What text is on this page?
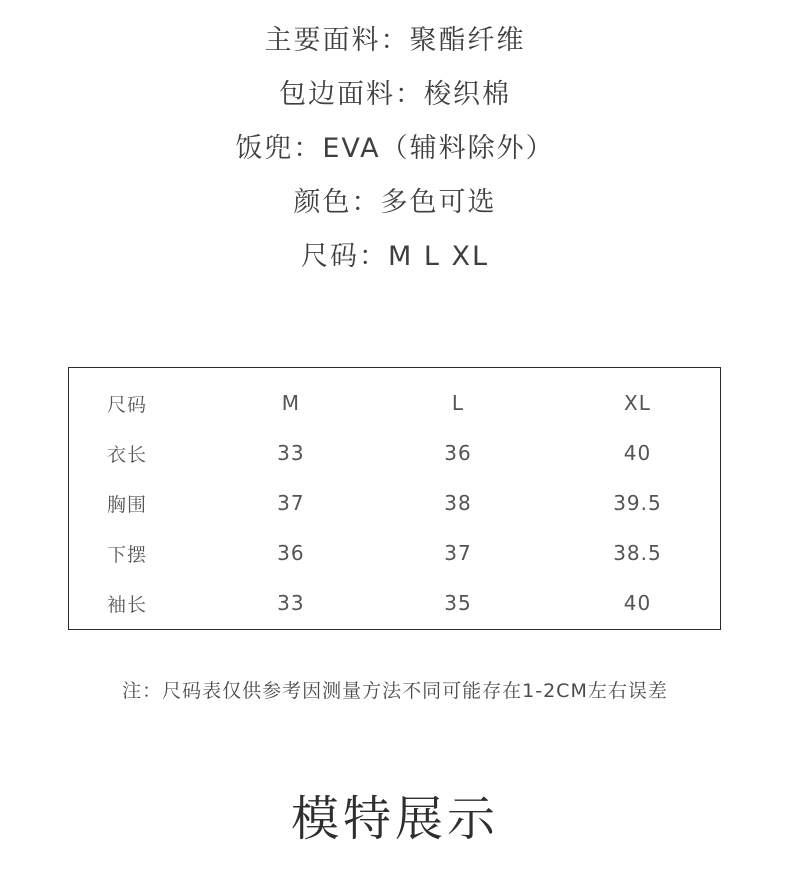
主要面料：聚酯纤维
包边面料：梭织棉
饭兜：EVA（辅料除外）
颜色：多色可选
尺码：M L XL
尺码	M	L	XL
衣长	33	36	40
胸围	37	38	39.5
下摆	36	37	38.5
袖长	33	35	40
注：尺码表仅供参考因测量方法不同可能存在1-2CM左右误差
模特展示
